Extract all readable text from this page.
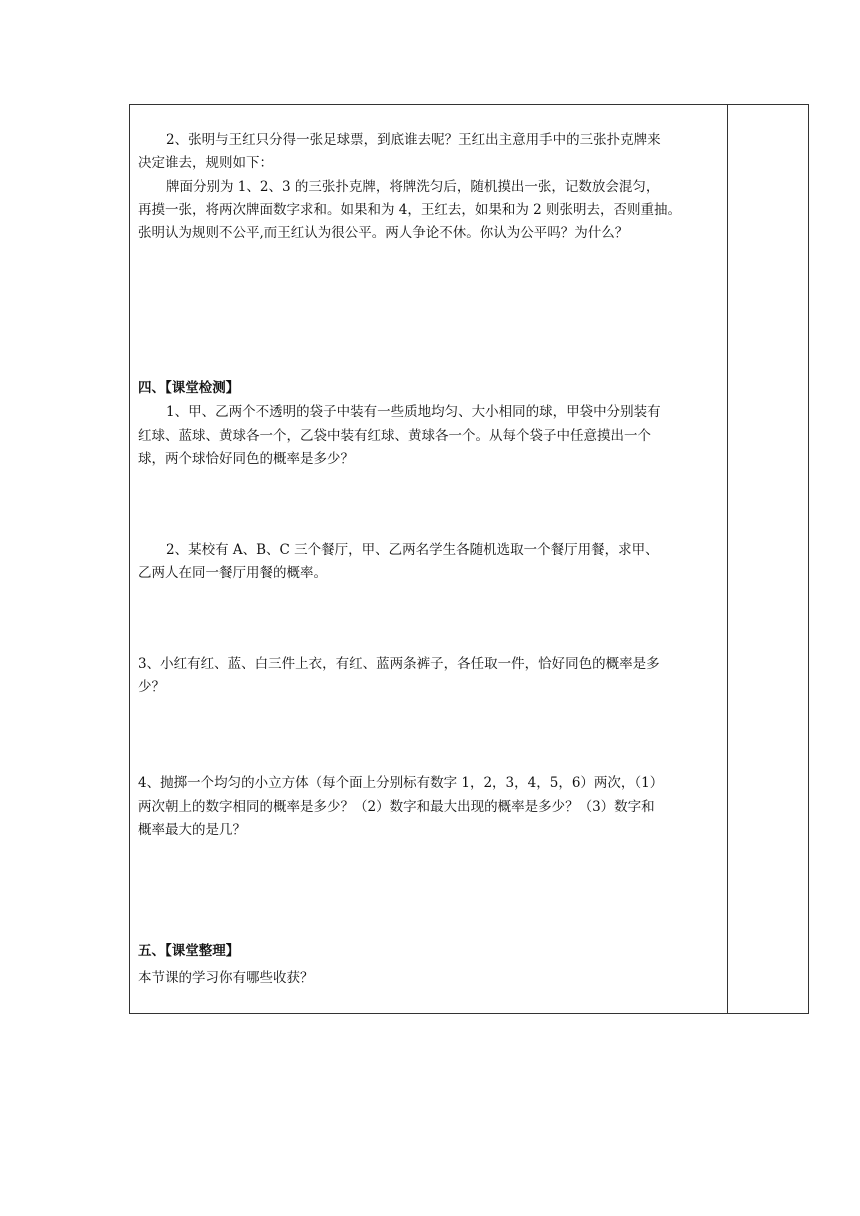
2、张明与王红只分得一张足球票，到底谁去呢？王红出主意用手中的三张扑克牌来

决定谁去，规则如下：

牌面分别为 1、2、3 的三张扑克牌，将牌洗匀后，随机摸出一张，记数放会混匀，

再摸一张，将两次牌面数字求和。如果和为 4，王红去，如果和为 2 则张明去，否则重抽。

张明认为规则不公平,而王红认为很公平。两人争论不休。你认为公平吗？为什么？

四、【课堂检测】

1、甲、乙两个不透明的袋子中装有一些质地均匀、大小相同的球，甲袋中分别装有

红球、蓝球、黄球各一个，乙袋中装有红球、黄球各一个。从每个袋子中任意摸出一个

球，两个球恰好同色的概率是多少？

2、某校有 A、B、C 三个餐厅，甲、乙两名学生各随机选取一个餐厅用餐，求甲、

乙两人在同一餐厅用餐的概率。

3、小红有红、蓝、白三件上衣，有红、蓝两条裤子，各任取一件，恰好同色的概率是多

少？

4、抛掷一个均匀的小立方体（每个面上分别标有数字 1，2，3，4，5，6）两次，（1）

两次朝上的数字相同的概率是多少？（2）数字和最大出现的概率是多少？（3）数字和

概率最大的是几？

五、【课堂整理】

本节课的学习你有哪些收获？
